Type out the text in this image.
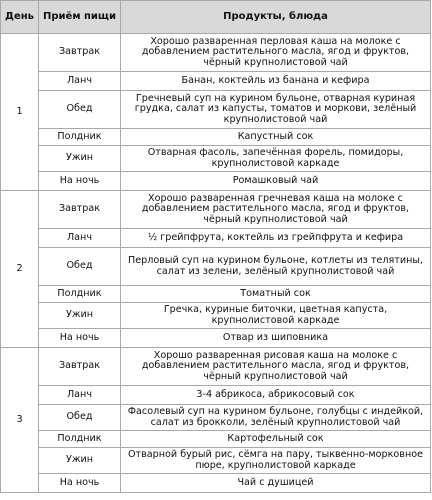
День	Приём пищи	Продукты, блюда
1	Завтрак	Хорошо разваренная перловая каша на молоке с добавлением растительного масла, ягод и фруктов, чёрный крупнолистовой чай
	Ланч	Банан, коктейль из банана и кефира
	Обед	Гречневый суп на курином бульоне, отварная куриная грудка, салат из капусты, томатов и моркови, зелёный крупнолистовой чай
	Полдник	Капустный сок
	Ужин	Отварная фасоль, запечённая форель, помидоры, крупнолистовой каркаде
	На ночь	Ромашковый чай
2	Завтрак	Хорошо разваренная гречневая каша на молоке с добавлением растительного масла, ягод и фруктов, чёрный крупнолистовой чай
	Ланч	½ грейпфрута, коктейль из грейпфрута и кефира
	Обед	Перловый суп на курином бульоне, котлеты из телятины, салат из зелени, зелёный крупнолистовой чай
	Полдник	Томатный сок
	Ужин	Гречка, куриные биточки, цветная капуста, крупнолистовой каркаде
	На ночь	Отвар из шиповника
3	Завтрак	Хорошо разваренная рисовая каша на молоке с добавлением растительного масла, ягод и фруктов, чёрный крупнолистовой чай
	Ланч	3-4 абрикоса, абрикосовый сок
	Обед	Фасолевый суп на курином бульоне, голубцы с индейкой, салат из брокколи, зелёный крупнолистовой чай
	Полдник	Картофельный сок
	Ужин	Отварной бурый рис, сёмга на пару, тыквенно-морковное пюре, крупнолистовой каркаде
	На ночь	Чай с душицей
